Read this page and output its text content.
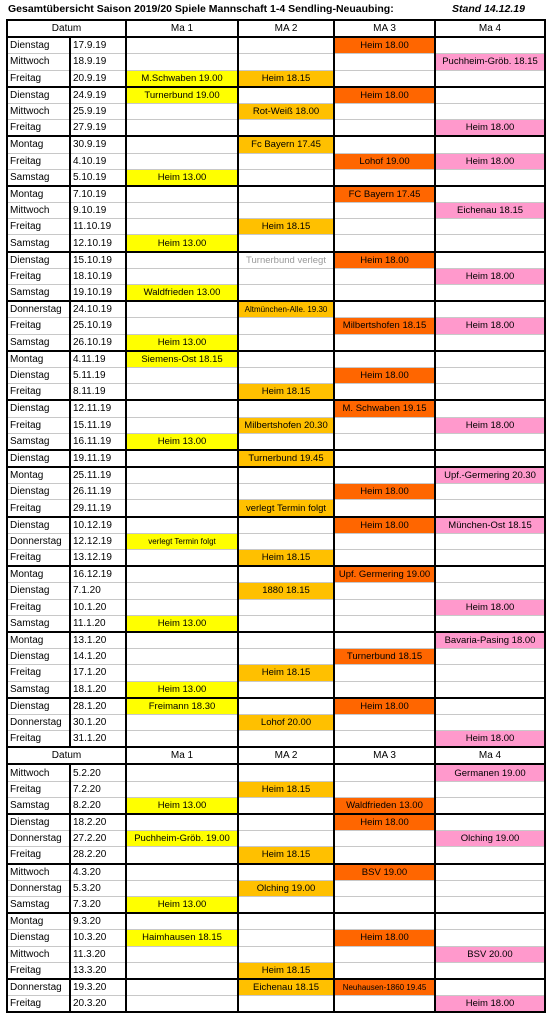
Gesamtübersicht Saison 2019/20 Spiele Mannschaft 1-4 Sendling-Neuaubing:	Stand 14.12.19
Datum		Ma 1	MA 2	MA 3	Ma 4
Dienstag	17.9.19			Heim 18.00	
Mittwoch	18.9.19				Puchheim-Gröb. 18.15
Freitag	20.9.19	M.Schwaben 19.00	Heim 18.15		
Dienstag	24.9.19	Turnerbund 19.00		Heim 18.00	
Mittwoch	25.9.19		Rot-Weiß 18.00		
Freitag	27.9.19				Heim 18.00
Montag	30.9.19		Fc Bayern 17.45		
Freitag	4.10.19			Lohof 19.00	Heim 18.00
Samstag	5.10.19	Heim 13.00			
Montag	7.10.19			FC Bayern 17.45	
Mittwoch	9.10.19				Eichenau 18.15
Freitag	11.10.19		Heim 18.15		
Samstag	12.10.19	Heim 13.00			
Dienstag	15.10.19		Turnerbund verlegt	Heim 18.00	
Freitag	18.10.19				Heim 18.00
Samstag	19.10.19	Waldfrieden 13.00			
Donnerstag	24.10.19		Altmünchen-Alle. 19.30		
Freitag	25.10.19			Milbertshofen 18.15	Heim 18.00
Samstag	26.10.19	Heim 13.00			
Montag	4.11.19	Siemens-Ost 18.15			
Dienstag	5.11.19			Heim 18.00	
Freitag	8.11.19		Heim 18.15		
Dienstag	12.11.19			M. Schwaben 19.15	
Freitag	15.11.19		Milbertshofen 20.30		Heim 18.00
Samstag	16.11.19	Heim 13.00			
Dienstag	19.11.19		Turnerbund 19.45		
Montag	25.11.19				Upf.-Germering 20.30
Dienstag	26.11.19			Heim 18.00	
Freitag	29.11.19		verlegt Termin folgt		
Dienstag	10.12.19			Heim 18.00	München-Ost 18.15
Donnerstag	12.12.19	verlegt Termin folgt			
Freitag	13.12.19		Heim 18.15		
Montag	16.12.19			Upf. Germering 19.00	
Dienstag	7.1.20		1880 18.15		
Freitag	10.1.20				Heim 18.00
Samstag	11.1.20	Heim 13.00			
Montag	13.1.20				Bavaria-Pasing 18.00
Dienstag	14.1.20			Turnerbund 18.15	
Freitag	17.1.20		Heim 18.15		
Samstag	18.1.20	Heim 13.00			
Dienstag	28.1.20	Freimann 18.30		Heim 18.00	
Donnerstag	30.1.20		Lohof 20.00		
Freitag	31.1.20				Heim 18.00
Datum		Ma 1	MA 2	MA 3	Ma 4
Mittwoch	5.2.20				Germanen 19.00
Freitag	7.2.20		Heim 18.15		
Samstag	8.2.20	Heim 13.00		Waldfrieden 13.00	
Dienstag	18.2.20			Heim 18.00	
Donnerstag	27.2.20	Puchheim-Gröb. 19.00			Olching 19.00
Freitag	28.2.20		Heim 18.15		
Mittwoch	4.3.20			BSV 19.00	
Donnerstag	5.3.20		Olching 19.00		
Samstag	7.3.20	Heim 13.00			
Montag	9.3.20				
Dienstag	10.3.20	Haimhausen 18.15		Heim 18.00	
Mittwoch	11.3.20				BSV 20.00
Freitag	13.3.20		Heim 18.15		
Donnerstag	19.3.20		Eichenau 18.15	Neuhausen-1860 19.45	
Freitag	20.3.20				Heim 18.00
